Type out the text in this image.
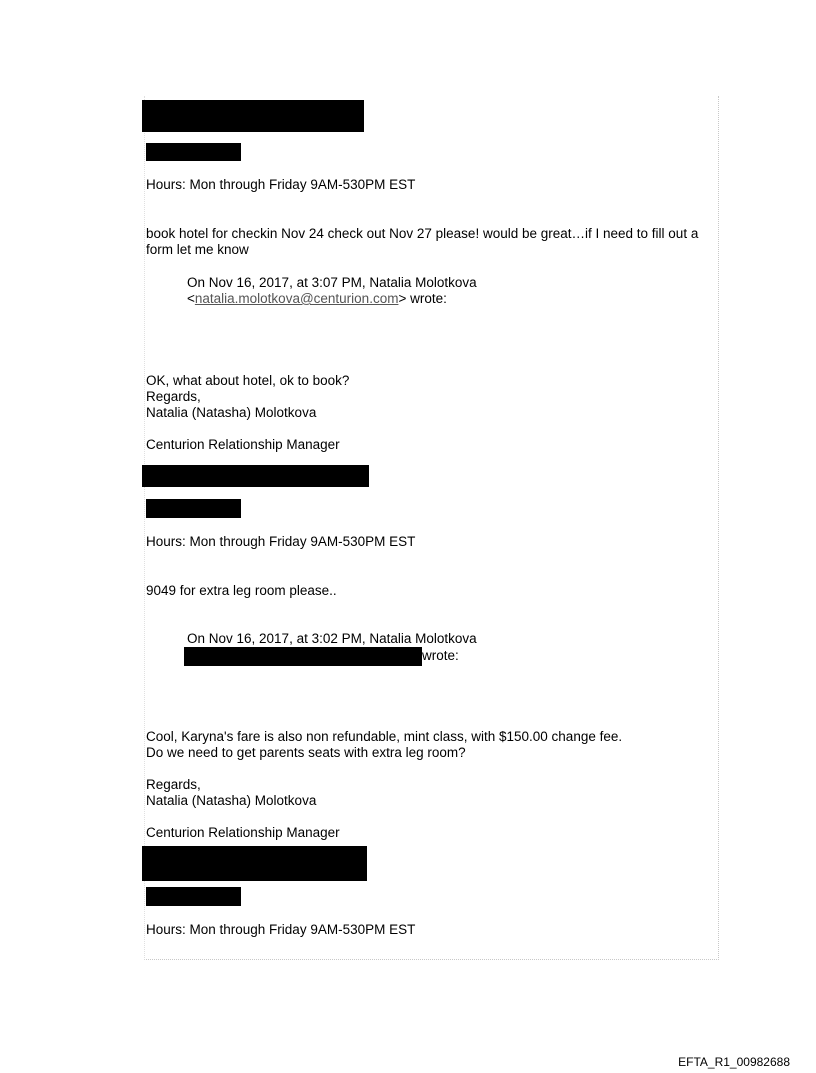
Hours: Mon through Friday 9AM-530PM EST
book hotel for checkin Nov 24 check out Nov 27 please! would be great…if I need to fill out a form let me know
On Nov 16, 2017, at 3:07 PM, Natalia Molotkova
<natalia.molotkova@centurion.com> wrote:
OK, what about hotel, ok to book?
Regards,
Natalia (Natasha) Molotkova
Centurion Relationship Manager
Hours: Mon through Friday 9AM-530PM EST
9049 for extra leg room please..
On Nov 16, 2017, at 3:02 PM, Natalia Molotkova
wrote:
Cool, Karyna's fare is also non refundable, mint class, with $150.00 change fee.
Do we need to get parents seats with extra leg room?
Regards,
Natalia (Natasha) Molotkova
Centurion Relationship Manager
Hours: Mon through Friday 9AM-530PM EST
EFTA_R1_00982688
